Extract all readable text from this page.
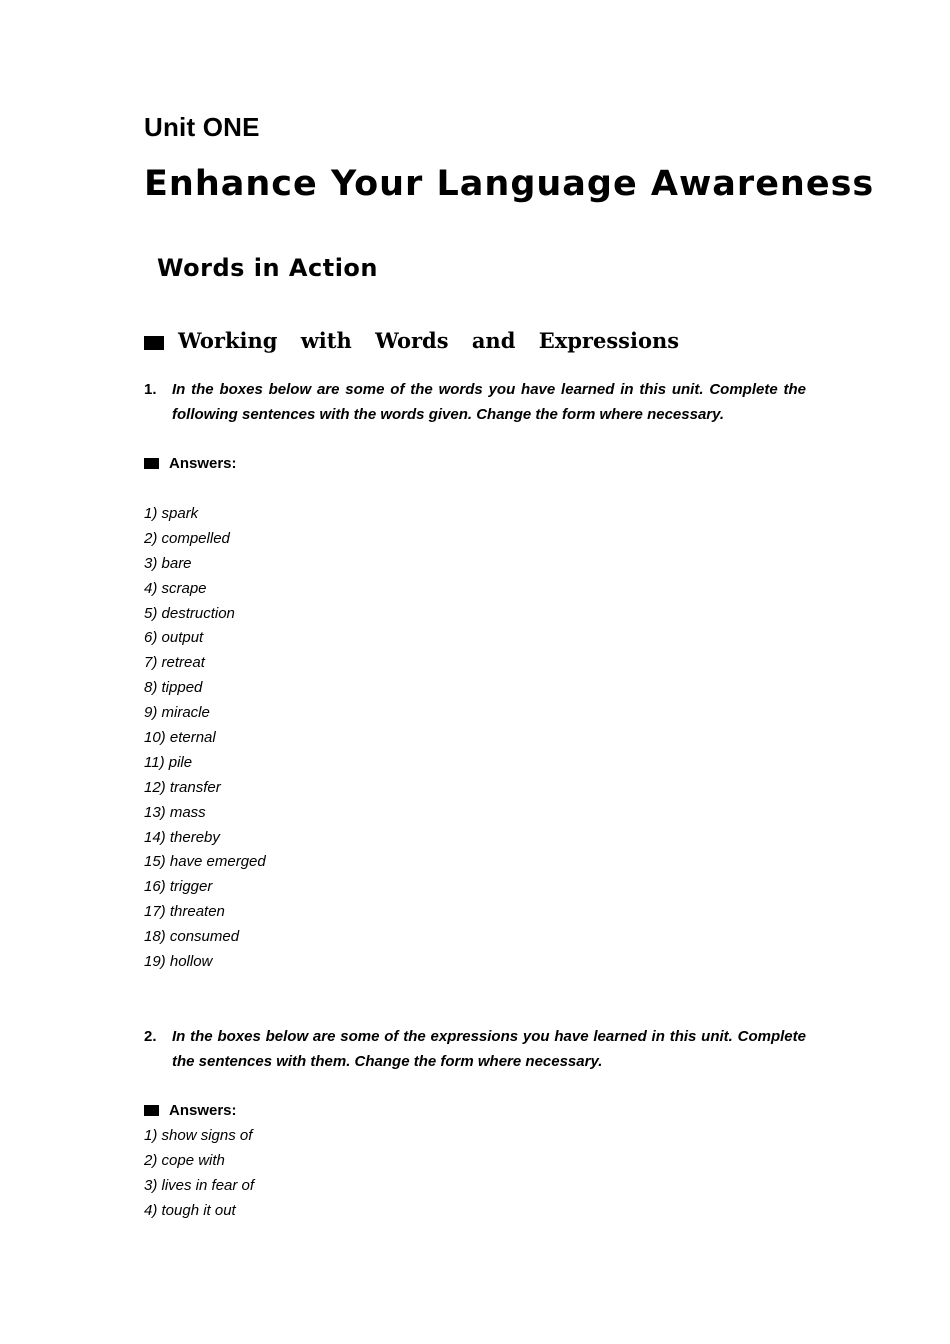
Unit ONE
Enhance Your Language Awareness
Words in Action
Working with Words and Expressions
1. In the boxes below are some of the words you have learned in this unit. Complete the following sentences with the words given. Change the form where necessary.
Answers:
1) spark
2) compelled
3) bare
4) scrape
5) destruction
6) output
7) retreat
8) tipped
9) miracle
10) eternal
11) pile
12) transfer
13) mass
14) thereby
15) have emerged
16) trigger
17) threaten
18) consumed
19) hollow
2. In the boxes below are some of the expressions you have learned in this unit. Complete the sentences with them. Change the form where necessary.
Answers:
1) show signs of
2) cope with
3) lives in fear of
4) tough it out
